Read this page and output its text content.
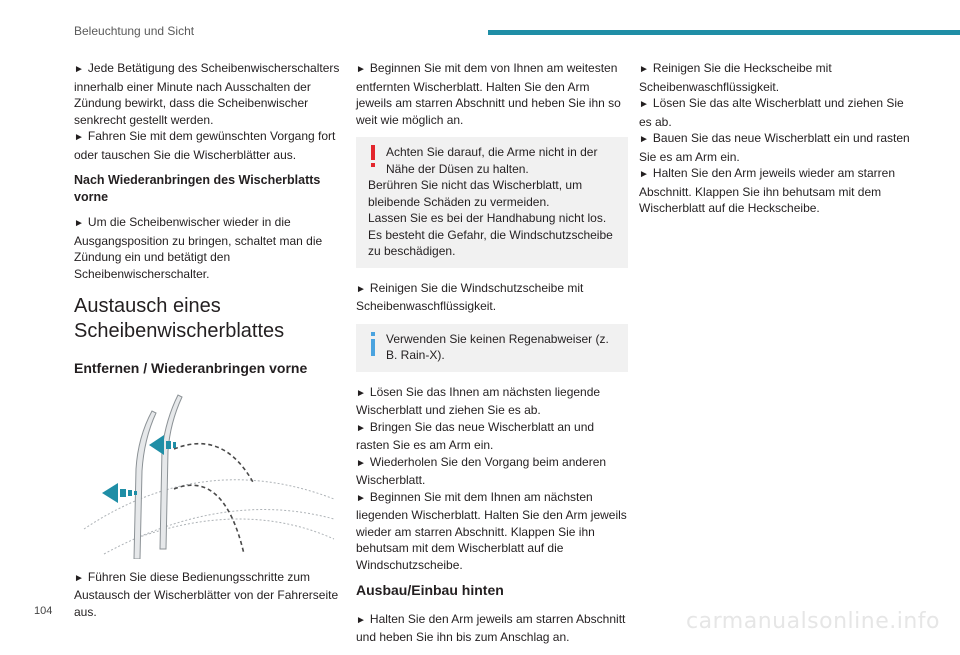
Beleuchtung und Sicht

► Jede Betätigung des Scheibenwischerschalters innerhalb einer Minute nach Ausschalten der Zündung bewirkt, dass die Scheibenwischer senkrecht gestellt werden.
► Fahren Sie mit dem gewünschten Vorgang fort oder tauschen Sie die Wischerblätter aus.

Nach Wiederanbringen des Wischerblatts vorne

► Um die Scheibenwischer wieder in die Ausgangsposition zu bringen, schaltet man die Zündung ein und betätigt den Scheibenwischerschalter.

Austausch eines
Scheibenwischerblattes
Entfernen / Wiederanbringen vorne

► Führen Sie diese Bedienungsschritte zum Austausch der Wischerblätter von der Fahrerseite aus.

► Beginnen Sie mit dem von Ihnen am weitesten entfernten Wischerblatt. Halten Sie den Arm jeweils am starren Abschnitt und heben Sie ihn so weit wie möglich an.

Achten Sie darauf, die Arme nicht in der Nähe der Düsen zu halten.
Berühren Sie nicht das Wischerblatt, um bleibende Schäden zu vermeiden.
Lassen Sie es bei der Handhabung nicht los. Es besteht die Gefahr, die Windschutzscheibe zu beschädigen.

► Reinigen Sie die Windschutzscheibe mit Scheibenwaschflüssigkeit.

Verwenden Sie keinen Regenabweiser (z. B. Rain-X).

► Lösen Sie das Ihnen am nächsten liegende Wischerblatt und ziehen Sie es ab.
► Bringen Sie das neue Wischerblatt an und rasten Sie es am Arm ein.
► Wiederholen Sie den Vorgang beim anderen Wischerblatt.
► Beginnen Sie mit dem Ihnen am nächsten liegenden Wischerblatt. Halten Sie den Arm jeweils wieder am starren Abschnitt. Klappen Sie ihn behutsam mit dem Wischerblatt auf die Windschutzscheibe.

Ausbau/Einbau hinten

► Halten Sie den Arm jeweils am starren Abschnitt und heben Sie ihn bis zum Anschlag an.

► Reinigen Sie die Heckscheibe mit Scheibenwaschflüssigkeit.
► Lösen Sie das alte Wischerblatt und ziehen Sie es ab.
► Bauen Sie das neue Wischerblatt ein und rasten Sie es am Arm ein.
► Halten Sie den Arm jeweils wieder am starren Abschnitt. Klappen Sie ihn behutsam mit dem Wischerblatt auf die Heckscheibe.

104	carmanualsonline.info
